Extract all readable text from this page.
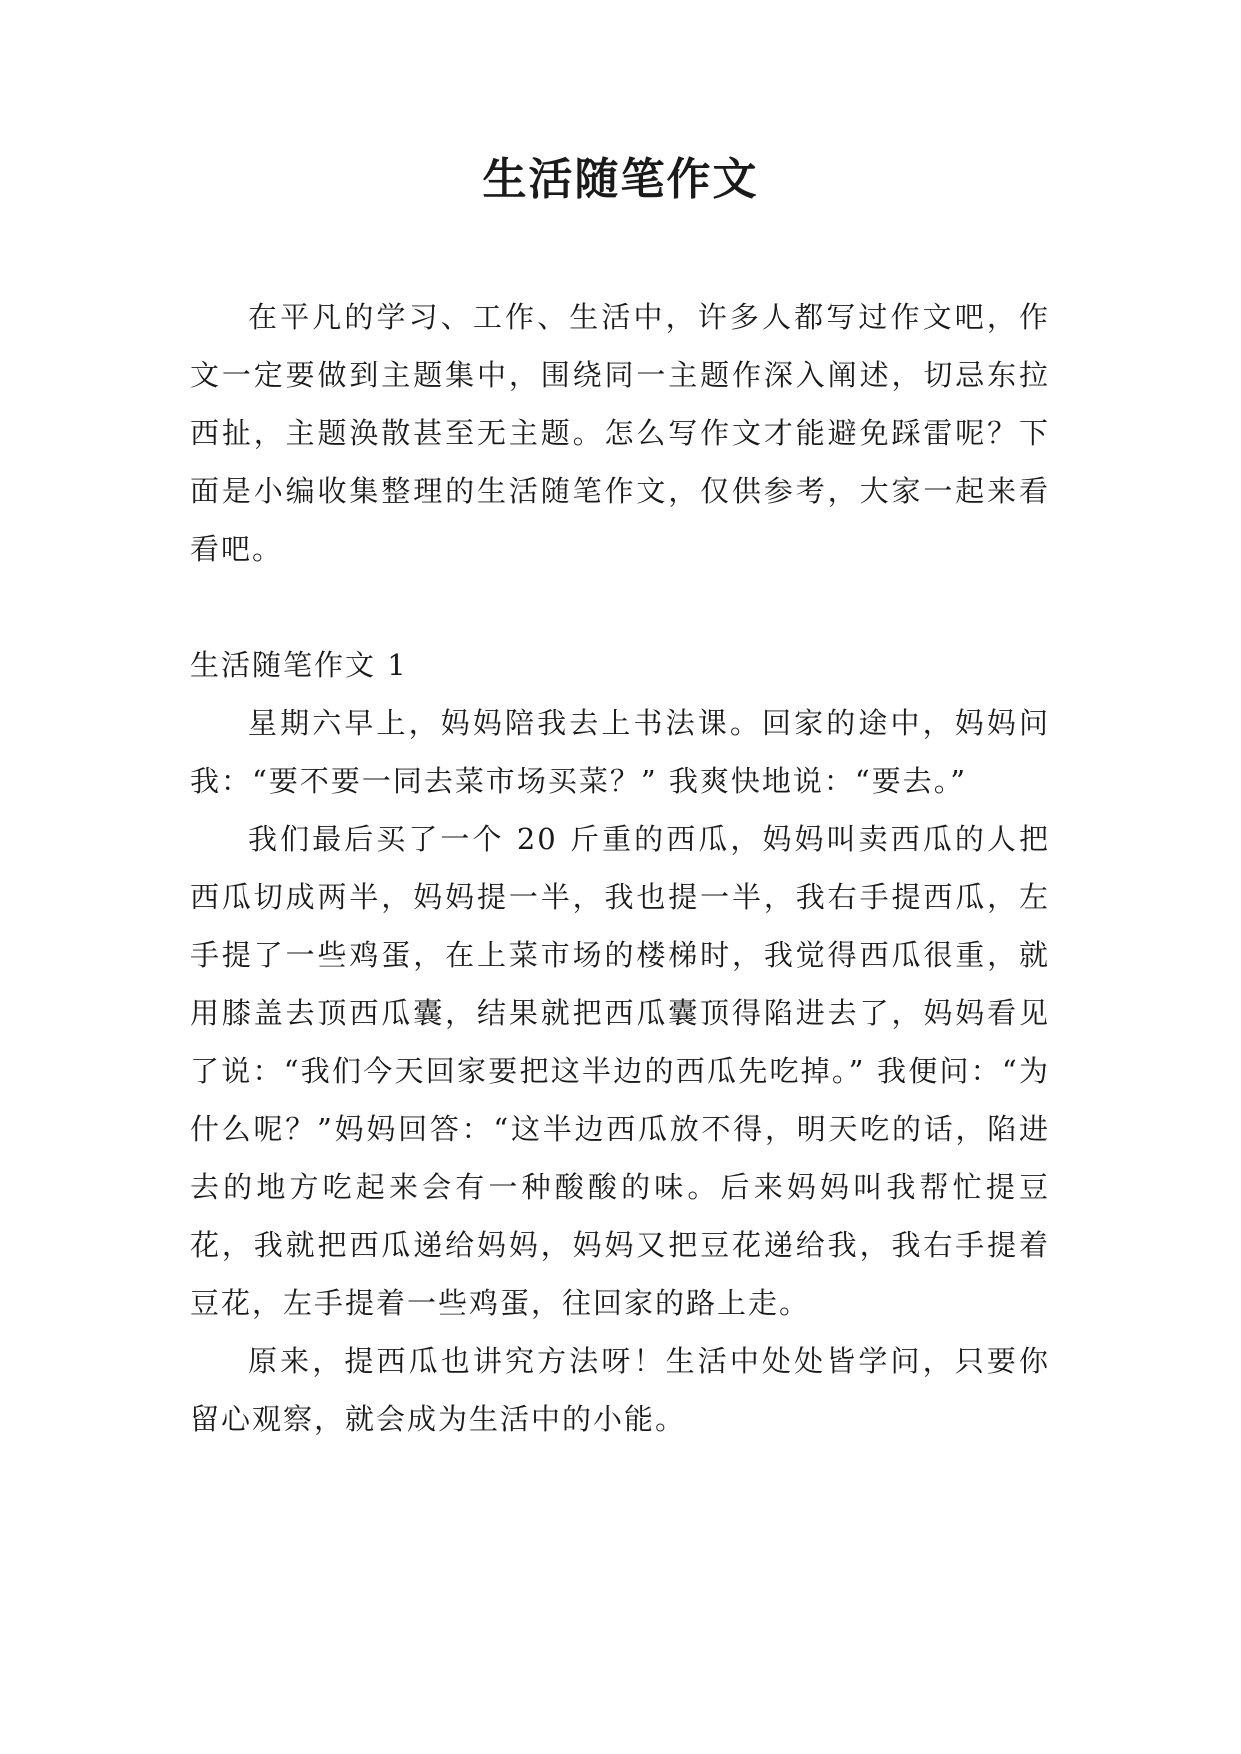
生活随笔作文

在平凡的学习、工作、生活中，许多人都写过作文吧，作文一定要做到主题集中，围绕同一主题作深入阐述，切忌东拉西扯，主题涣散甚至无主题。怎么写作文才能避免踩雷呢？下面是小编收集整理的生活随笔作文，仅供参考，大家一起来看看吧。

生活随笔作文 1

星期六早上，妈妈陪我去上书法课。回家的途中，妈妈问我：“要不要一同去菜市场买菜？” 我爽快地说：“要去。”

我们最后买了一个 20 斤重的西瓜，妈妈叫卖西瓜的人把西瓜切成两半，妈妈提一半，我也提一半，我右手提西瓜，左手提了一些鸡蛋，在上菜市场的楼梯时，我觉得西瓜很重，就用膝盖去顶西瓜囊，结果就把西瓜囊顶得陷进去了，妈妈看见了说：“我们今天回家要把这半边的西瓜先吃掉。” 我便问：“为什么呢？”妈妈回答：“这半边西瓜放不得，明天吃的话，陷进去的地方吃起来会有一种酸酸的味。后来妈妈叫我帮忙提豆花，我就把西瓜递给妈妈，妈妈又把豆花递给我，我右手提着豆花，左手提着一些鸡蛋，往回家的路上走。

原来，提西瓜也讲究方法呀！生活中处处皆学问，只要你留心观察，就会成为生活中的小能。
